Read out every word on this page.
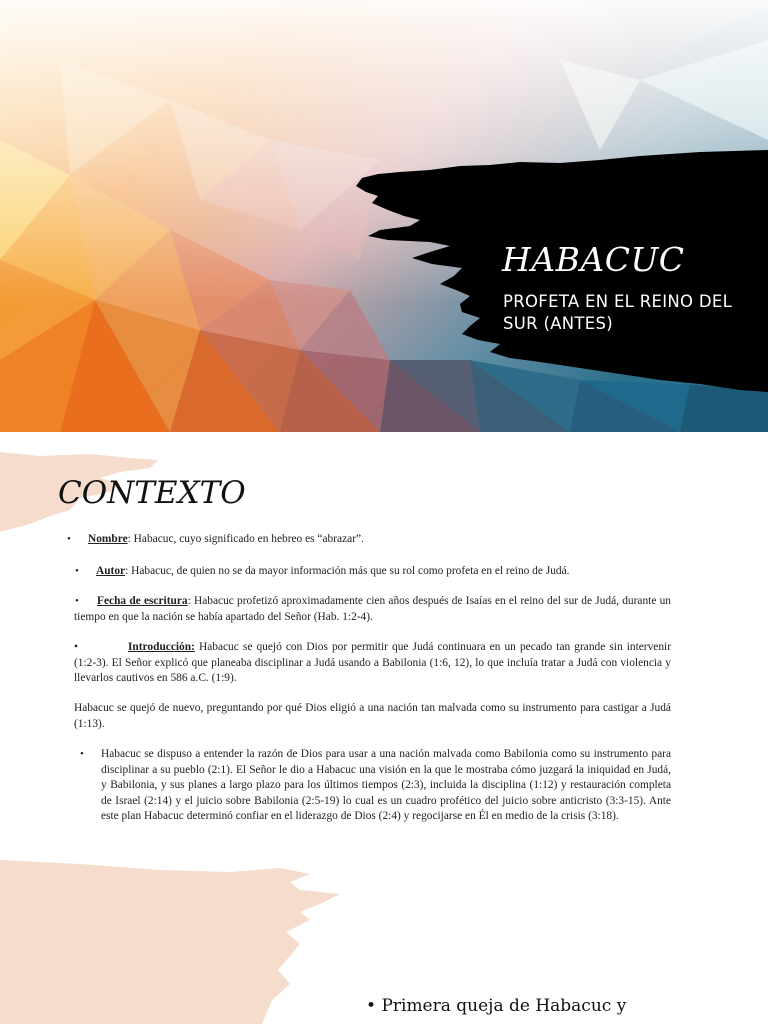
HABACUC
PROFETA EN EL REINO DEL SUR (ANTES)
CONTEXTO
• Nombre: Habacuc, cuyo significado en hebreo es “abrazar”.

• Autor: Habacuc, de quien no se da mayor información más que su rol como profeta en el reino de Judá.

•	Fecha de escritura: Habacuc profetizó aproximadamente cien años después de Isaías en el reino del sur de Judá, durante un tiempo en que la nación se había apartado del Señor (Hab. 1:2-4).

•	Introducción: Habacuc se quejó con Dios por permitir que Judá continuara en un pecado tan grande sin intervenir (1:2-3). El Señor explicó que planeaba disciplinar a Judá usando a Babilonia (1:6, 12), lo que incluía tratar a Judá con violencia y llevarlos cautivos en 586 a.C. (1:9).

Habacuc se quejó de nuevo, preguntando por qué Dios eligió a una nación tan malvada como su instrumento para castigar a Judá (1:13).

• Habacuc se dispuso a entender la razón de Dios para usar a una nación malvada como Babilonia como su instrumento para disciplinar a su pueblo (2:1). El Señor le dio a Habacuc una visión en la que le mostraba cómo juzgará la iniquidad en Judá, y Babilonia, y sus planes a largo plazo para los últimos tiempos (2:3), incluida la disciplina (1:12) y restauración completa de Israel (2:14) y el juicio sobre Babilonia (2:5-19) lo cual es un cuadro profético del juicio sobre anticristo (3:3-15). Ante este plan Habacuc determinó confiar en el liderazgo de Dios (2:4) y regocijarse en Él en medio de la crisis (3:18).

• Primera queja de Habacuc y
